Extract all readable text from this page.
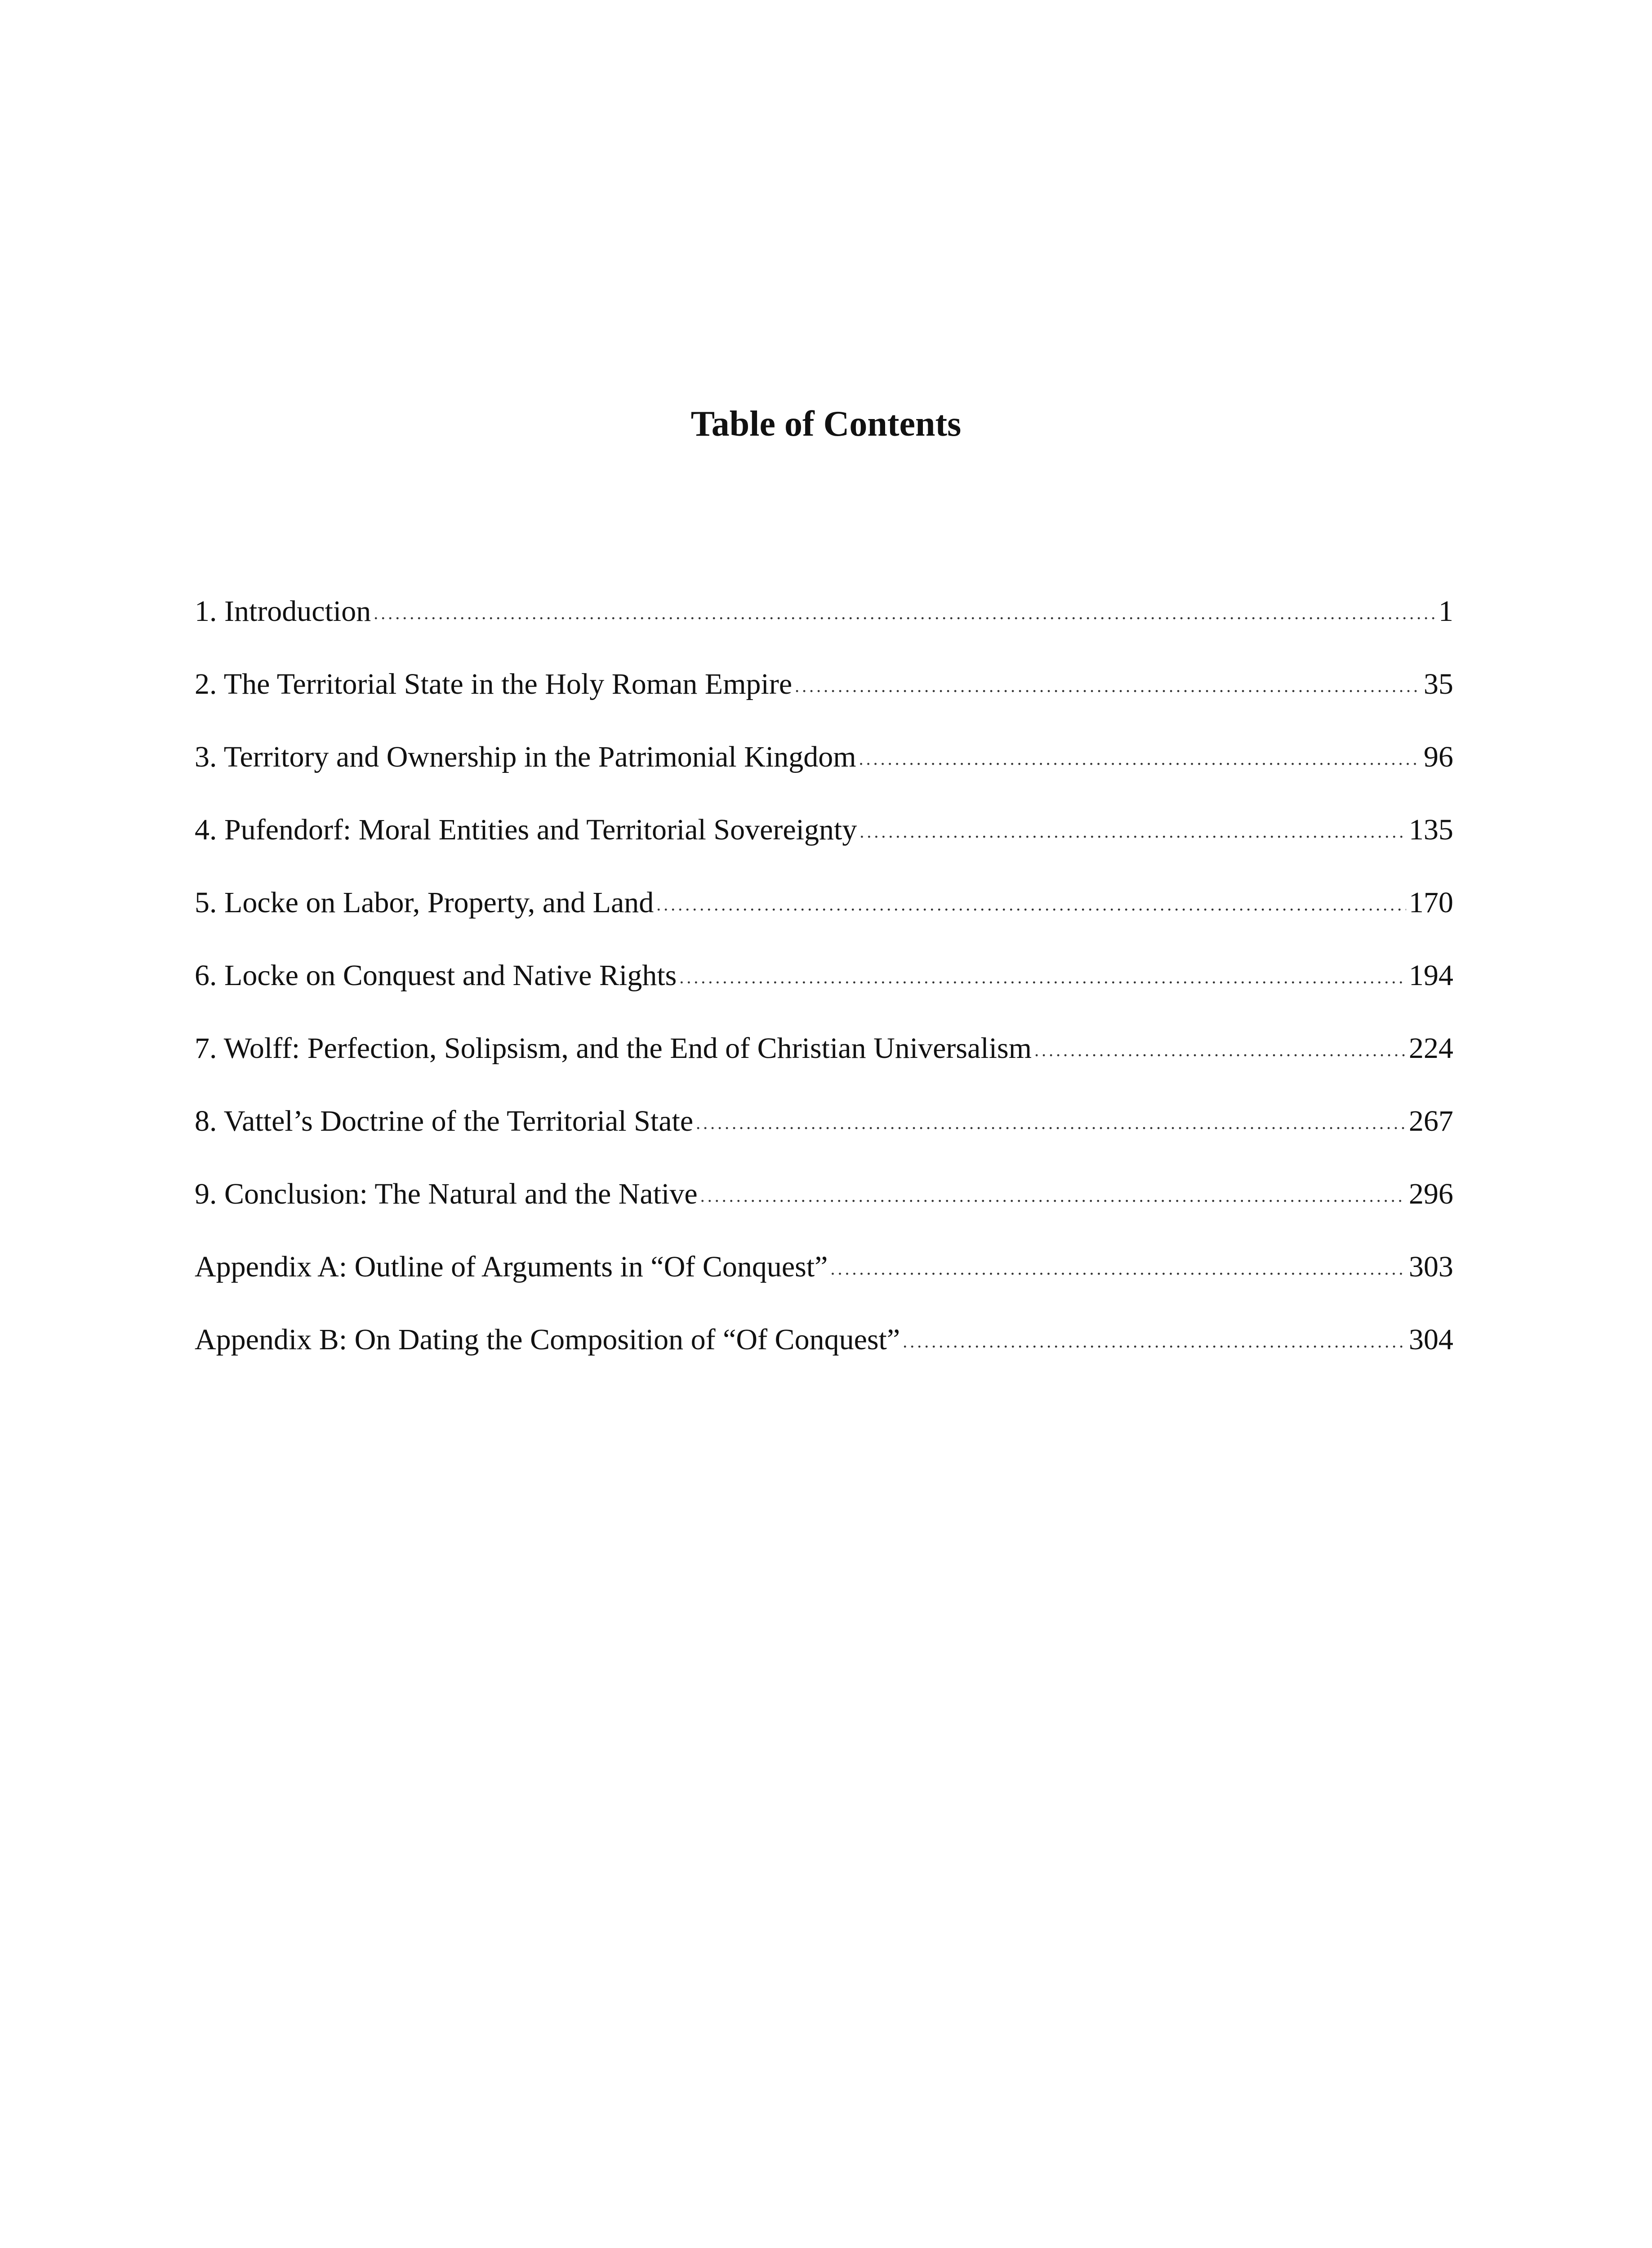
Table of Contents
1. Introduction .....	1
2. The Territorial State in the Holy Roman Empire .....	35
3. Territory and Ownership in the Patrimonial Kingdom .....	96
4. Pufendorf: Moral Entities and Territorial Sovereignty .....	135
5. Locke on Labor, Property, and Land .....	170
6. Locke on Conquest and Native Rights .....	194
7. Wolff: Perfection, Solipsism, and the End of Christian Universalism .....	224
8. Vattel’s Doctrine of the Territorial State .....	267
9. Conclusion: The Natural and the Native .....	296
Appendix A: Outline of Arguments in “Of Conquest” .....	303
Appendix B: On Dating the Composition of “Of Conquest” .....	304
